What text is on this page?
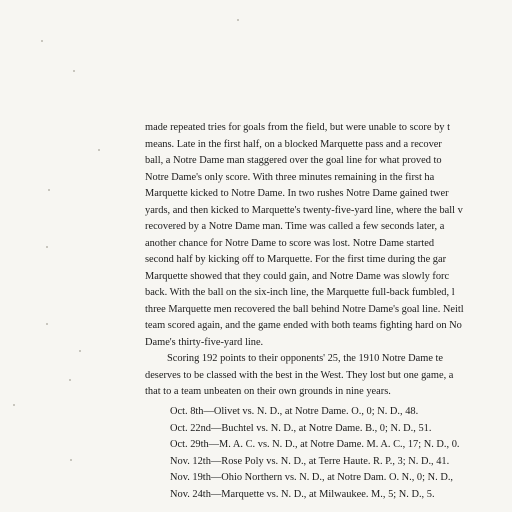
made repeated tries for goals from the field, but were unable to score by t
means. Late in the first half, on a blocked Marquette pass and a recover
ball, a Notre Dame man staggered over the goal line for what proved to
Notre Dame's only score. With three minutes remaining in the first ha
Marquette kicked to Notre Dame. In two rushes Notre Dame gained twer
yards, and then kicked to Marquette's twenty-five-yard line, where the ball v
recovered by a Notre Dame man. Time was called a few seconds later, a
another chance for Notre Dame to score was lost. Notre Dame started
second half by kicking off to Marquette. For the first time during the gar
Marquette showed that they could gain, and Notre Dame was slowly forc
back. With the ball on the six-inch line, the Marquette full-back fumbled, l
three Marquette men recovered the ball behind Notre Dame's goal line. Neitl
team scored again, and the game ended with both teams fighting hard on No
Dame's thirty-five-yard line.
Scoring 192 points to their opponents' 25, the 1910 Notre Dame te
deserves to be classed with the best in the West. They lost but one game, a
that to a team unbeaten on their own grounds in nine years.
Oct. 8th—Olivet vs. N. D., at Notre Dame. O., 0; N. D., 48.
Oct. 22nd—Buchtel vs. N. D., at Notre Dame. B., 0; N. D., 51.
Oct. 29th—M. A. C. vs. N. D., at Notre Dame. M. A. C., 17; N. D., 0.
Nov. 12th—Rose Poly vs. N. D., at Terre Haute. R. P., 3; N. D., 41.
Nov. 19th—Ohio Northern vs. N. D., at Notre Dam. O. N., 0; N. D.,
Nov. 24th—Marquette vs. N. D., at Milwaukee. M., 5; N. D., 5.
